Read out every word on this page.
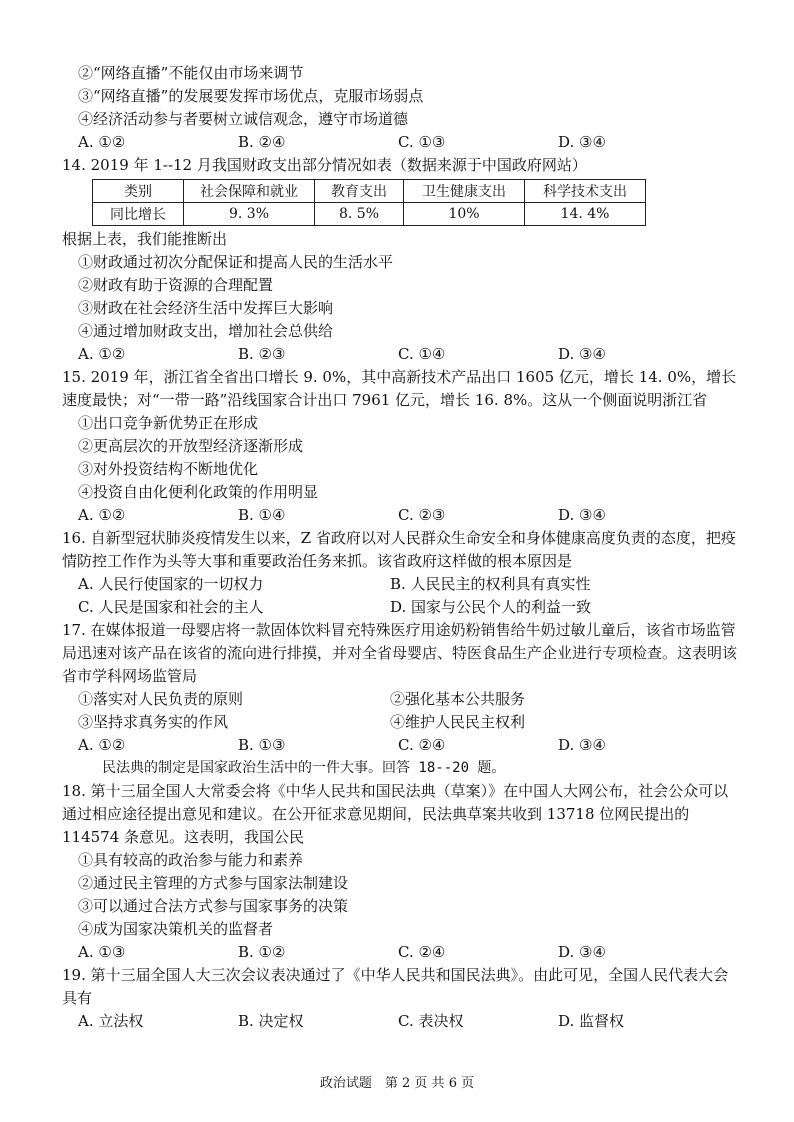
②“网络直播”不能仅由市场来调节
③“网络直播”的发展要发挥市场优点，克服市场弱点
④经济活动参与者要树立诚信观念，遵守市场道德
A. ①②	B. ②④	C. ①③	D. ③④
14. 2019 年 1--12 月我国财政支出部分情况如表（数据来源于中国政府网站）
类别	社会保障和就业	教育支出	卫生健康支出	科学技术支出
同比增长	9. 3%	8. 5%	10%	14. 4%
根据上表，我们能推断出
①财政通过初次分配保证和提高人民的生活水平
②财政有助于资源的合理配置
③财政在社会经济生活中发挥巨大影响
④通过增加财政支出，增加社会总供给
A. ①②	B. ②③	C. ①④	D. ③④
15. 2019 年，浙江省全省出口增长 9. 0%，其中高新技术产品出口 1605 亿元，增长 14. 0%，增长速度最快；对“一带一路”沿线国家合计出口 7961 亿元，增长 16. 8%。这从一个侧面说明浙江省
①出口竞争新优势正在形成
②更高层次的开放型经济逐渐形成
③对外投资结构不断地优化
④投资自由化便利化政策的作用明显
A. ①②	B. ①④	C. ②③	D. ③④
16. 自新型冠状肺炎疫情发生以来，Z 省政府以对人民群众生命安全和身体健康高度负责的态度，把疫情防控工作作为头等大事和重要政治任务来抓。该省政府这样做的根本原因是
A. 人民行使国家的一切权力	B. 人民民主的权利具有真实性
C. 人民是国家和社会的主人	D. 国家与公民个人的利益一致
17. 在媒体报道一母婴店将一款固体饮料冒充特殊医疗用途奶粉销售给牛奶过敏儿童后，该省市场监管局迅速对该产品在该省的流向进行排摸，并对全省母婴店、特医食品生产企业进行专项检查。这表明该省市学科网场监管局
①落实对人民负责的原则	②强化基本公共服务
③坚持求真务实的作风	④维护人民民主权利
A. ①②	B. ①③	C. ②④	D. ③④
民法典的制定是国家政治生活中的一件大事。回答 18--20 题。
18. 第十三届全国人大常委会将《中华人民共和国民法典（草案）》在中国人大网公布，社会公众可以通过相应途径提出意见和建议。在公开征求意见期间，民法典草案共收到 13718 位网民提出的 114574 条意见。这表明，我国公民
①具有较高的政治参与能力和素养
②通过民主管理的方式参与国家法制建设
③可以通过合法方式参与国家事务的决策
④成为国家决策机关的监督者
A. ①③	B. ①②	C. ②④	D. ③④
19. 第十三届全国人大三次会议表决通过了《中华人民共和国民法典》。由此可见，全国人民代表大会具有
A. 立法权	B. 决定权	C. 表决权	D. 监督权
政治试题　第 2 页 共 6 页
